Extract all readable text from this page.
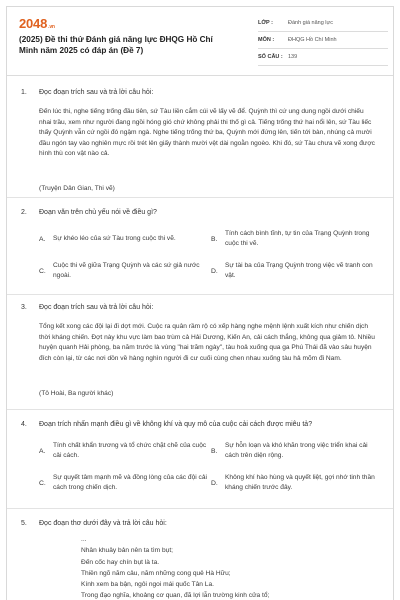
2048.vn
(2025) Đề thi thử Đánh giá năng lực ĐHQG Hồ Chí Minh năm 2025 có đáp án (Đề 7)
LỚP :	Đánh giá năng lực
MÔN :	ĐHQG Hồ Chí Minh
SỐ CÂU : 139
1. Đọc đoạn trích sau và trả lời câu hỏi:
Đến lúc thi, nghe tiếng trống đầu tiên, sứ Tàu liền cắm cúi vẽ lấy vẽ để. Quỳnh thì cứ ung dung ngồi dưới chiếu nhai trầu, xem như người đang ngồi hóng gió chứ không phải thi thố gì cả. Tiếng trống thứ hai nổi lên, sứ Tàu liếc thấy Quỳnh vẫn cứ ngồi đó ngậm ngà. Nghe tiếng trống thứ ba, Quỳnh mới đứng lên, tiến tới bàn, nhúng cả mười đầu ngón tay vào nghiên mực rồi trét lên giấy thành mười vệt dài ngoằn ngoèo. Khi đó, sứ Tàu chưa vẽ xong được hình thù con vật nào cả.
(Truyện Dân Gian, Thi vẽ)
2. Đoạn văn trên chủ yếu nói về điều gì?
A.	Sự khéo léo của sứ Tàu trong cuộc thi vẽ.	B.
Tính cách bình tĩnh, tự tin của Trạng Quỳnh trong cuộc thi vẽ.
C.
Cuộc thi vẽ giữa Trạng Quỳnh và các sứ giả nước ngoài.
D.
Sự tài ba của Trạng Quỳnh trong việc vẽ tranh con vật.
3. Đọc đoạn trích sau và trả lời câu hỏi:
Tổng kết xong các đội lại đi dợt mới. Cuộc ra quân rầm rộ có xếp hàng nghe mệnh lệnh xuất kích như chiến dịch thời kháng chiến. Đợt này khu vực làm bao trùm cả Hải Dương, Kiến An, cải cách thắng, không qua giảm tô. Nhiều huyện quanh Hải phòng, ba năm trước là vùng "hai trăm ngày", tàu hoả xuống qua ga Phú Thái đã vào sâu huyện đích còn lại, từ các nơi dồn về hàng nghìn người đi cư cuối cùng chen nhau xuống tàu hả mõm đi Nam.
(Tô Hoài, Ba người khác)
4. Đoạn trích nhấn mạnh điều gì về không khí và quy mô của cuộc cải cách được miêu tả?
A.
Tính chất khẩn trương và tổ chức chặt chẽ của cuộc cải cách.
B.
Sự hỗn loạn và khó khăn trong việc triển khai cải cách trên diện rộng.
C.
Sự quyết tâm mạnh mẽ và đồng lòng của các đội cải cách trong chiến dịch.
D.
Không khí hào hùng và quyết liệt, gợi nhớ tinh thần kháng chiến trước đây.
5. Đọc đoạn thơ dưới đây và trả lời câu hỏi:
...
Nhân khuây bản nên ta tìm bụt;
Đến cốc hay chín bụt là ta.
Thiền ngõ năm câu, năm những cong quê Hà Hữu;
Kính xem ba bận, ngôi ngoi mái quốc Tân La.
Trong đạo nghĩa, khoảng cơ quan, đã lợi lẫn trường kinh cửa tổ;
